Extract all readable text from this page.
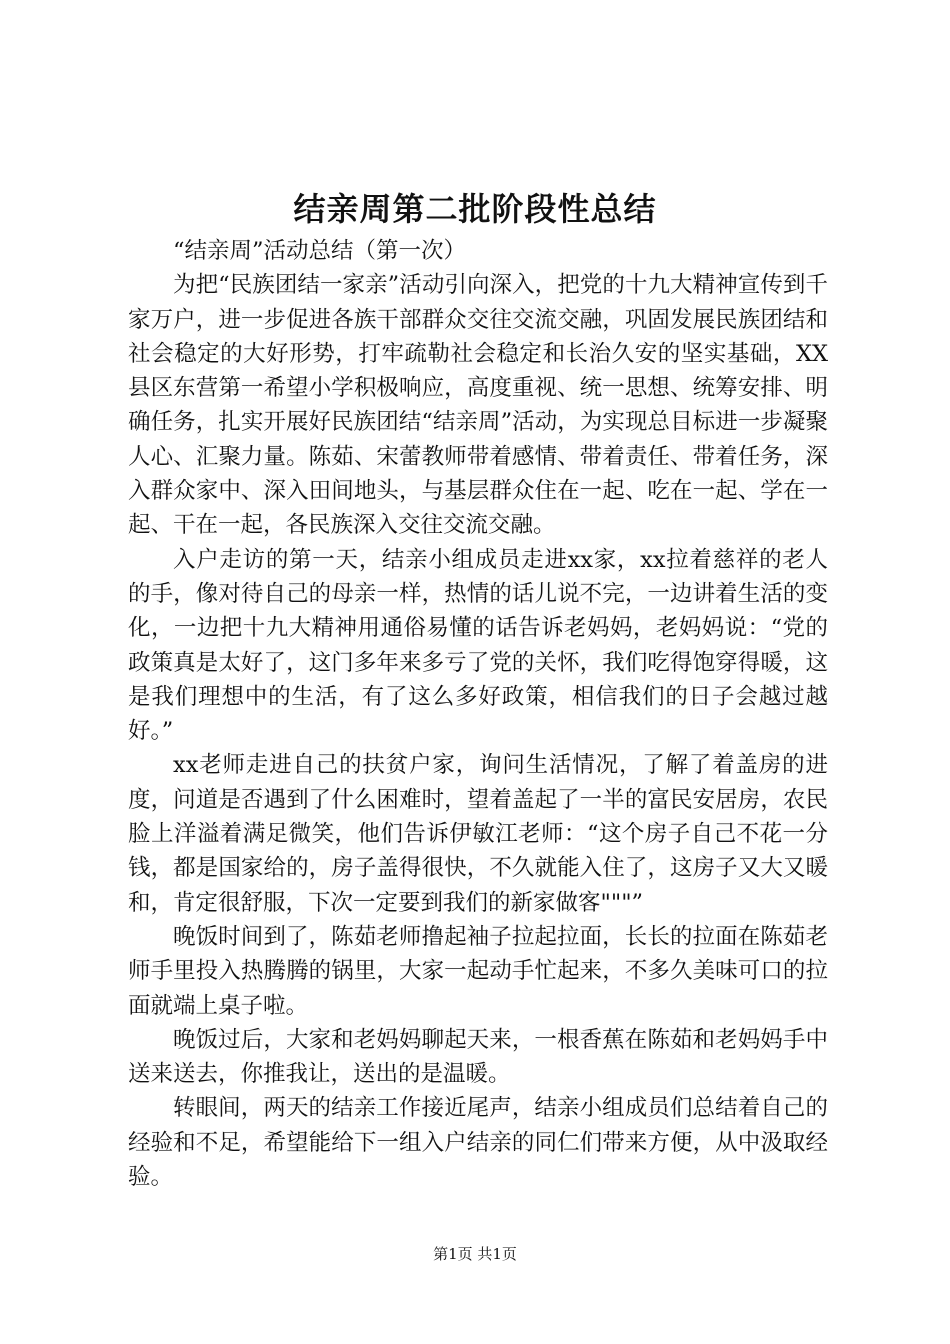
结亲周第二批阶段性总结

“结亲周”活动总结（第一次）

为把“民族团结一家亲”活动引向深入，把党的十九大精神宣传到千家万户，进一步促进各族干部群众交往交流交融，巩固发展民族团结和社会稳定的大好形势，打牢疏勒社会稳定和长治久安的坚实基础，XX县区东营第一希望小学积极响应，高度重视、统一思想、统筹安排、明确任务，扎实开展好民族团结“结亲周”活动，为实现总目标进一步凝聚人心、汇聚力量。陈茹、宋蕾教师带着感情、带着责任、带着任务，深入群众家中、深入田间地头，与基层群众住在一起、吃在一起、学在一起、干在一起，各民族深入交往交流交融。

入户走访的第一天，结亲小组成员走进xx家，xx拉着慈祥的老人的手，像对待自己的母亲一样，热情的话儿说不完，一边讲着生活的变化，一边把十九大精神用通俗易懂的话告诉老妈妈，老妈妈说：“党的政策真是太好了，这门多年来多亏了党的关怀，我们吃得饱穿得暖，这是我们理想中的生活，有了这么多好政策，相信我们的日子会越过越好。”

xx老师走进自己的扶贫户家，询问生活情况，了解了着盖房的进度，问道是否遇到了什么困难时，望着盖起了一半的富民安居房，农民脸上洋溢着满足微笑，他们告诉伊敏江老师：“这个房子自己不花一分钱，都是国家给的，房子盖得很快，不久就能入住了，这房子又大又暖和，肯定很舒服，下次一定要到我们的新家做客"""”

晚饭时间到了，陈茹老师撸起袖子拉起拉面，长长的拉面在陈茹老师手里投入热腾腾的锅里，大家一起动手忙起来，不多久美味可口的拉面就端上桌子啦。

晚饭过后，大家和老妈妈聊起天来，一根香蕉在陈茹和老妈妈手中送来送去，你推我让，送出的是温暖。

转眼间，两天的结亲工作接近尾声，结亲小组成员们总结着自己的经验和不足，希望能给下一组入户结亲的同仁们带来方便，从中汲取经验。

第1页 共1页
